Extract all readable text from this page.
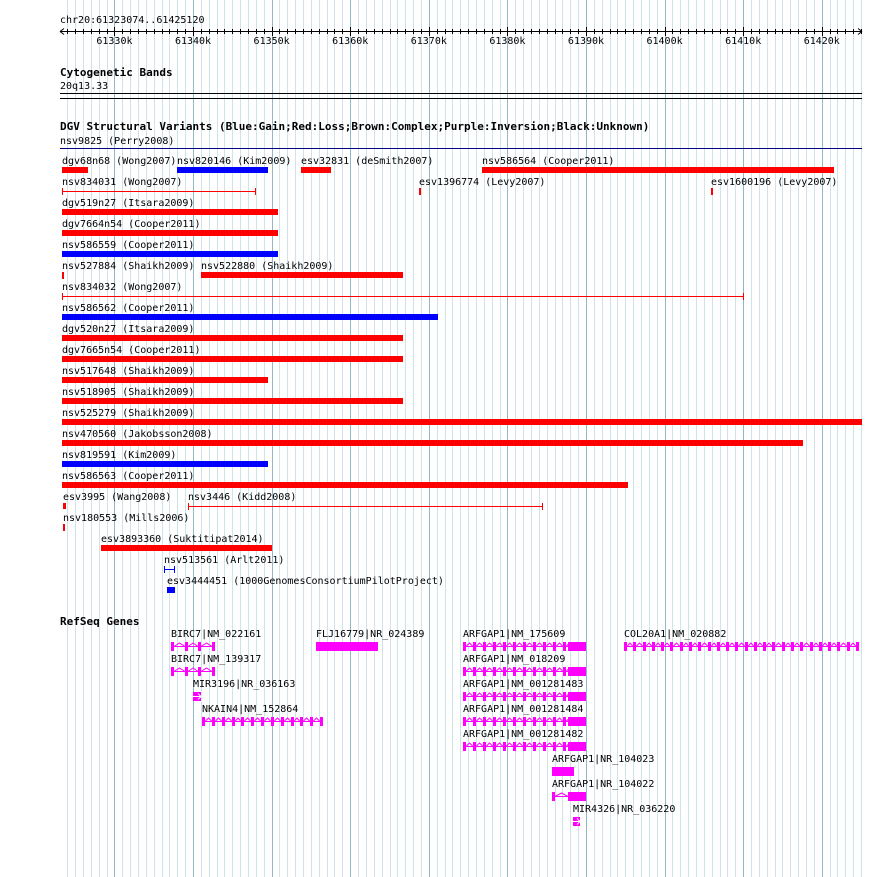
chr20:61323074..61425120
61330k	61340k	61350k	61360k	61370k	61380k	61390k	61400k	61410k	61420k
Cytogenetic Bands
20q13.33
DGV Structural Variants (Blue:Gain;Red:Loss;Brown:Complex;Purple:Inversion;Black:Unknown)
nsv9825 (Perry2008)
dgv68n68 (Wong2007) nsv820146 (Kim2009) esv32831 (deSmith2007)	nsv586564 (Cooper2011)
nsv834031 (Wong2007)	esv1396774 (Levy2007)	esv1600196 (Levy2007)
dgv519n27 (Itsara2009)
dgv7664n54 (Cooper2011)
nsv586559 (Cooper2011)
nsv527884 (Shaikh2009) nsv522880 (Shaikh2009)
nsv834032 (Wong2007)
nsv586562 (Cooper2011)
dgv520n27 (Itsara2009)
dgv7665n54 (Cooper2011)
nsv517648 (Shaikh2009)
nsv518905 (Shaikh2009)
nsv525279 (Shaikh2009)
nsv470560 (Jakobsson2008)
nsv819591 (Kim2009)
nsv586563 (Cooper2011)
esv3995 (Wang2008) nsv3446 (Kidd2008)
nsv180553 (Mills2006)
esv3893360 (Suktitipat2014)
nsv513561 (Arlt2011)
esv3444451 (1000GenomesConsortiumPilotProject)
RefSeq Genes
BIRC7|NM_022161	FLJ16779|NR_024389	ARFGAP1|NM_175609	COL20A1|NM_020882
BIRC7|NM_139317	ARFGAP1|NM_018209
MIR3196|NR_036163	ARFGAP1|NM_001281483
NKAIN4|NM_152864	ARFGAP1|NM_001281484
ARFGAP1|NM_001281482
ARFGAP1|NR_104023
ARFGAP1|NR_104022
MIR4326|NR_036220
